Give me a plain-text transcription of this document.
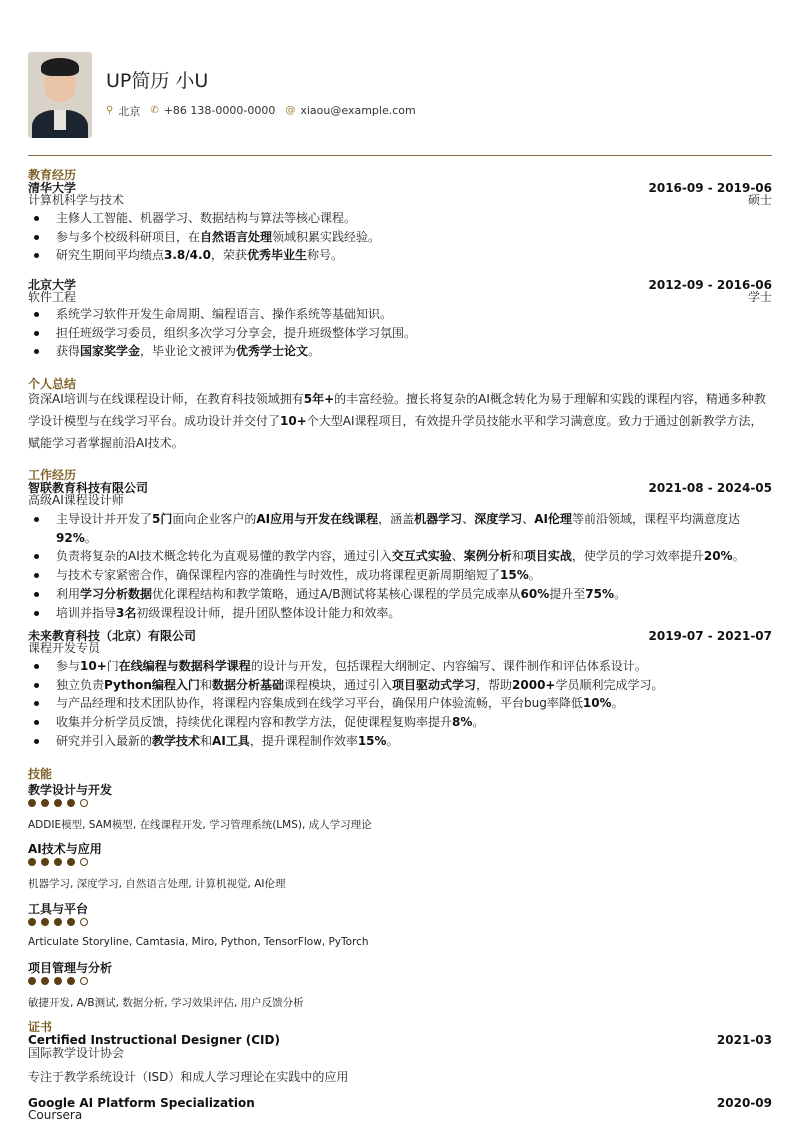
UP简历 小U
⚲ 北京 ✆ +86 138-0000-0000 @ xiaou@example.com
教育经历
清华大学	2016-09 - 2019-06
计算机科学与技术	硕士
主修人工智能、机器学习、数据结构与算法等核心课程。
参与多个校级科研项目，在自然语言处理领域积累实践经验。
研究生期间平均绩点3.8/4.0，荣获优秀毕业生称号。
北京大学	2012-09 - 2016-06
软件工程	学士
系统学习软件开发生命周期、编程语言、操作系统等基础知识。
担任班级学习委员，组织多次学习分享会，提升班级整体学习氛围。
获得国家奖学金，毕业论文被评为优秀学士论文。
个人总结
资深AI培训与在线课程设计师，在教育科技领域拥有5年+的丰富经验。擅长将复杂的AI概念转化为易于理解和实践的课程内容，精通多种教学设计模型与在线学习平台。成功设计并交付了10+个大型AI课程项目，有效提升学员技能水平和学习满意度。致力于通过创新教学方法，赋能学习者掌握前沿AI技术。
工作经历
智联教育科技有限公司	2021-08 - 2024-05
高级AI课程设计师
主导设计并开发了5门面向企业客户的AI应用与开发在线课程，涵盖机器学习、深度学习、AI伦理等前沿领域，课程平均满意度达92%。
负责将复杂的AI技术概念转化为直观易懂的教学内容，通过引入交互式实验、案例分析和项目实战，使学员的学习效率提升20%。
与技术专家紧密合作，确保课程内容的准确性与时效性，成功将课程更新周期缩短了15%。
利用学习分析数据优化课程结构和教学策略，通过A/B测试将某核心课程的学员完成率从60%提升至75%。
培训并指导3名初级课程设计师，提升团队整体设计能力和效率。
未来教育科技（北京）有限公司	2019-07 - 2021-07
课程开发专员
参与10+门在线编程与数据科学课程的设计与开发，包括课程大纲制定、内容编写、课件制作和评估体系设计。
独立负责Python编程入门和数据分析基础课程模块，通过引入项目驱动式学习，帮助2000+学员顺利完成学习。
与产品经理和技术团队协作，将课程内容集成到在线学习平台，确保用户体验流畅，平台bug率降低10%。
收集并分析学员反馈，持续优化课程内容和教学方法，促使课程复购率提升8%。
研究并引入最新的教学技术和AI工具，提升课程制作效率15%。
技能
教学设计与开发
ADDIE模型, SAM模型, 在线课程开发, 学习管理系统(LMS), 成人学习理论
AI技术与应用
机器学习, 深度学习, 自然语言处理, 计算机视觉, AI伦理
工具与平台
Articulate Storyline, Camtasia, Miro, Python, TensorFlow, PyTorch
项目管理与分析
敏捷开发, A/B测试, 数据分析, 学习效果评估, 用户反馈分析
证书
Certified Instructional Designer (CID)	2021-03
国际教学设计协会
专注于教学系统设计（ISD）和成人学习理论在实践中的应用
Google AI Platform Specialization	2020-09
Coursera
